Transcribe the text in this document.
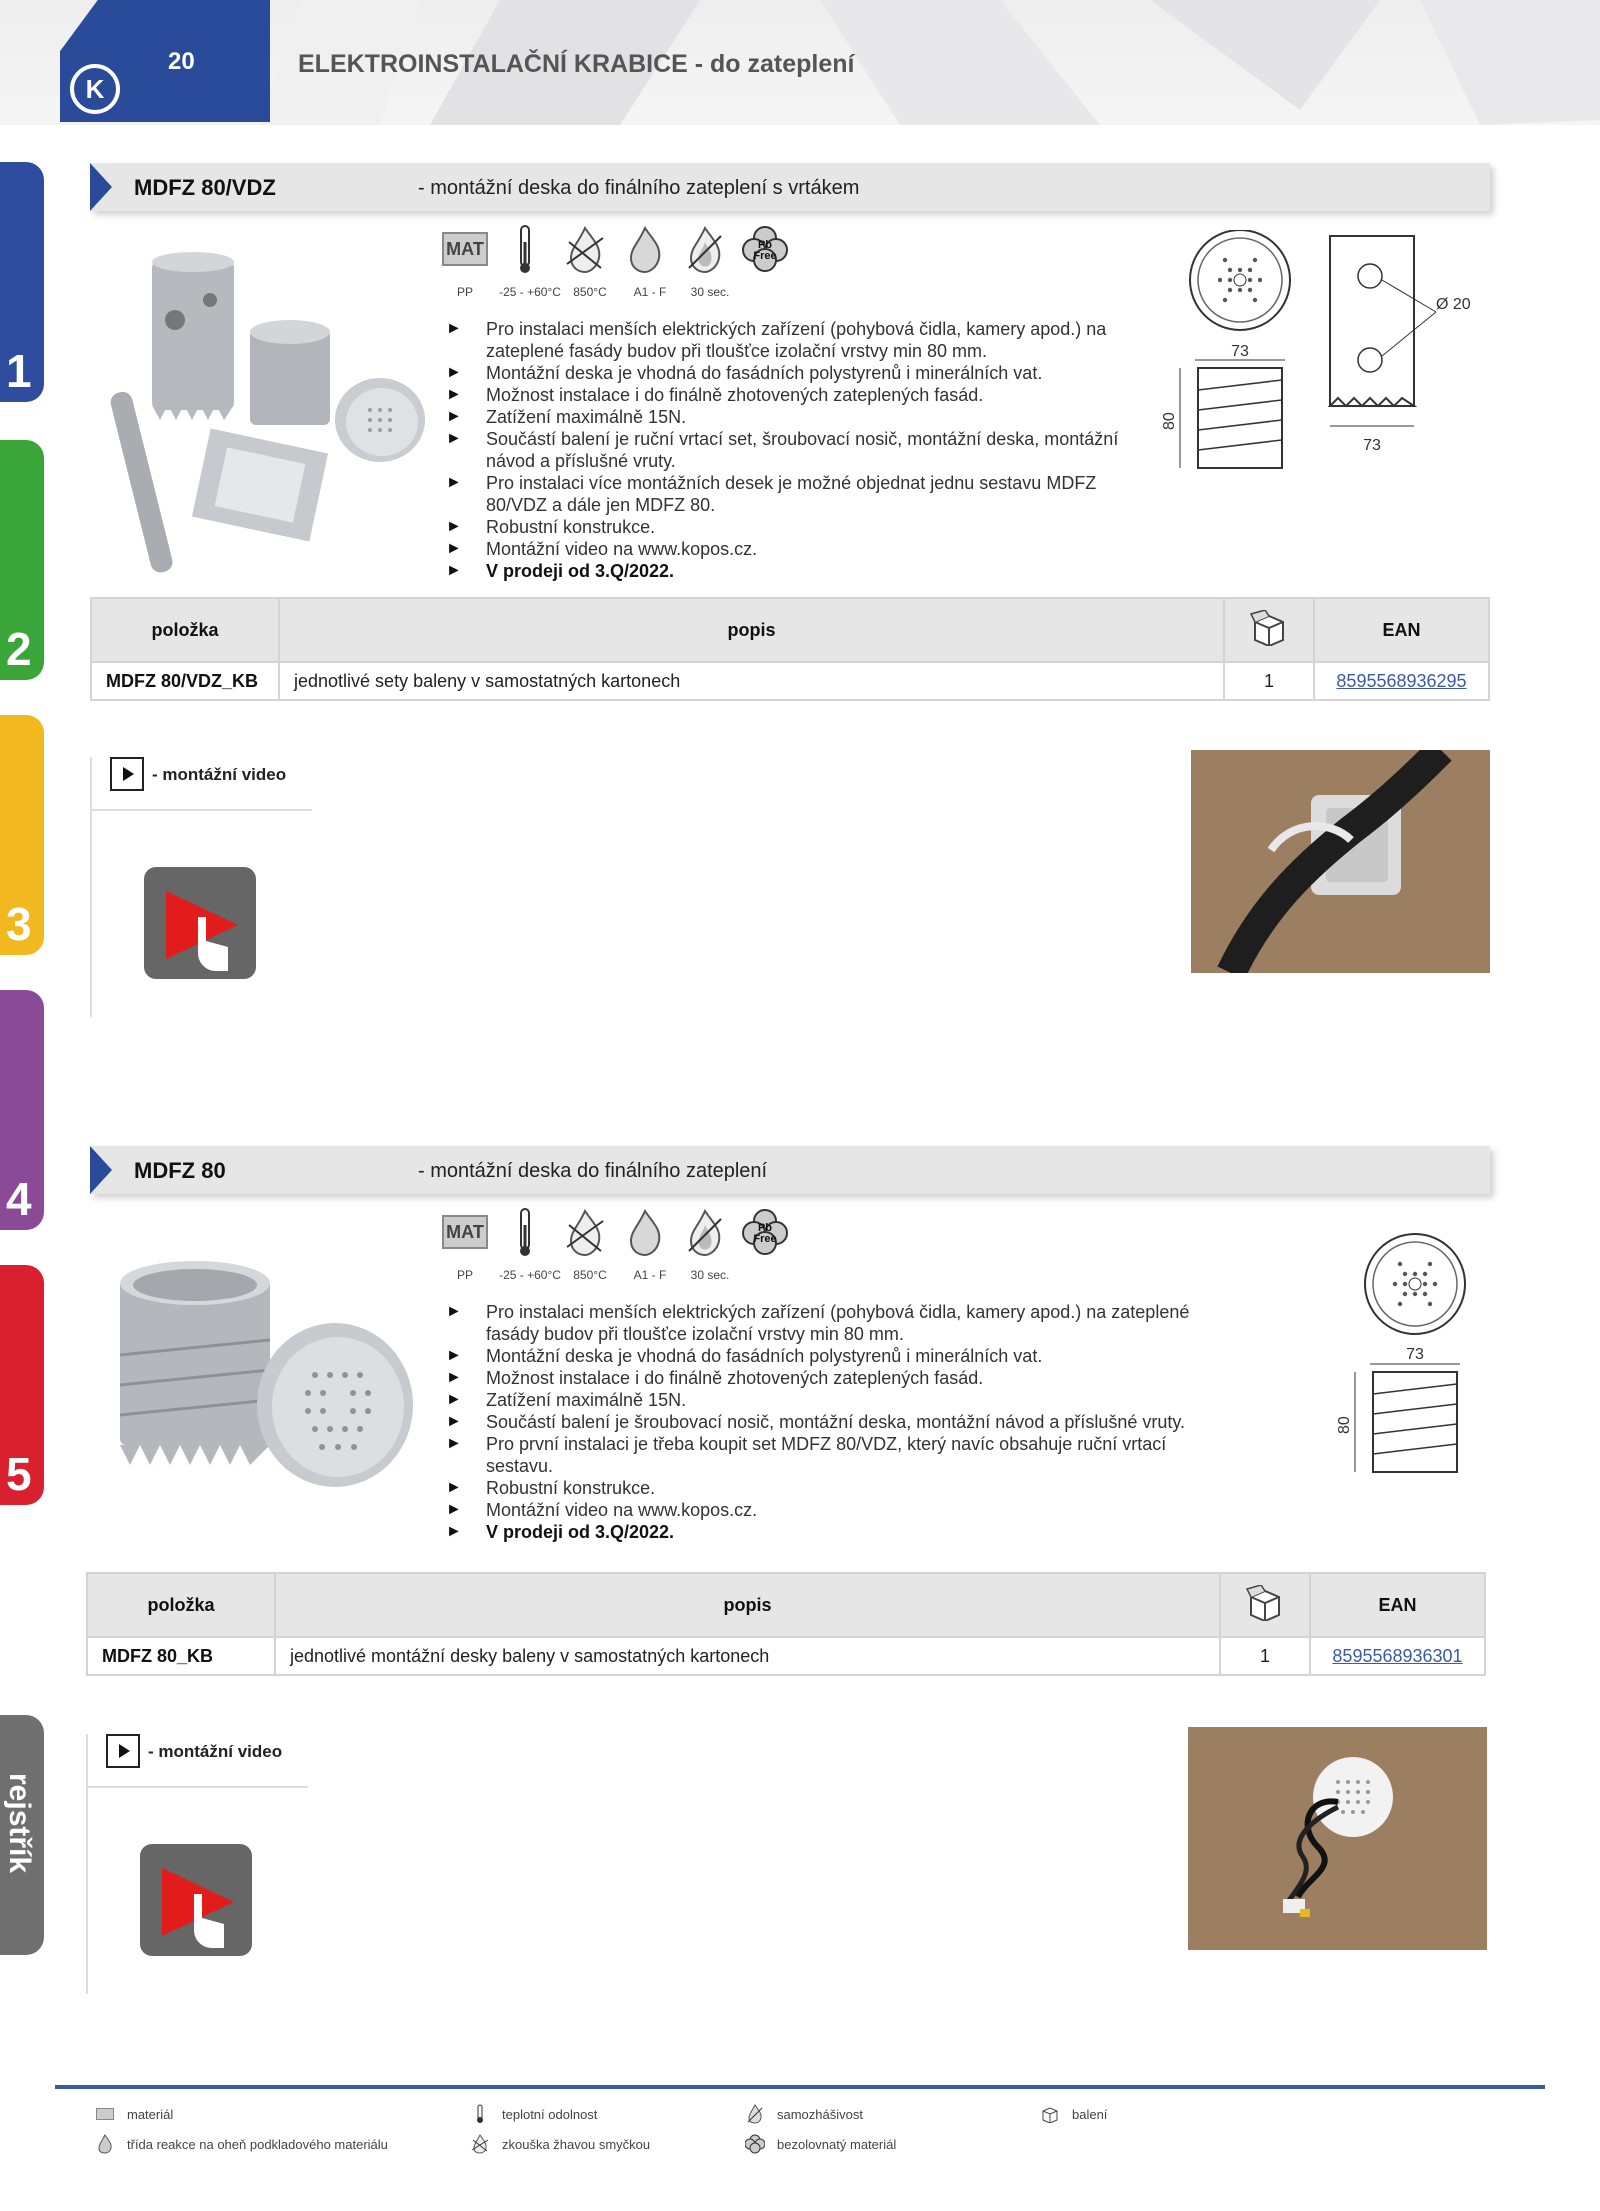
K
20	ELEKTROINSTALAČNÍ KRABICE - do zateplení
1
2
3
4
5
rejstřík
MDFZ 80/VDZ	- montážní deska do finálního zateplení s vrtákem
MAT	Pb
Free
PP	-25 - +60°C	850°C	A1 - F	30 sec.
► Pro instalaci menších elektrických zařízení (pohybová čidla, kamery apod.) na zateplené fasády budov při tloušťce izolační vrstvy min 80 mm.
► Montážní deska je vhodná do fasádních polystyrenů i minerálních vat.
► Možnost instalace i do finálně zhotovených zateplených fasád.
► Zatížení maximálně 15N.
► Součástí balení je ruční vrtací set, šroubovací nosič, montážní deska, montážní návod a příslušné vruty.
► Pro instalaci více montážních desek je možné objednat jednu sestavu MDFZ 80/VDZ a dále jen MDFZ 80.
► Robustní konstrukce.
► Montážní video na www.kopos.cz.
► V prodeji od 3.Q/2022.
73
80
Ø 20
73
položka	popis		EAN
MDFZ 80/VDZ_KB	jednotlivé sety baleny v samostatných kartonech	1	8595568936295
- montážní video
MDFZ 80	- montážní deska do finálního zateplení
MAT	Pb
Free
PP	-25 - +60°C	850°C	A1 - F	30 sec.
► Pro instalaci menších elektrických zařízení (pohybová čidla, kamery apod.) na zateplené fasády budov při tloušťce izolační vrstvy min 80 mm.
► Montážní deska je vhodná do fasádních polystyrenů i minerálních vat.
► Možnost instalace i do finálně zhotovených zateplených fasád.
► Zatížení maximálně 15N.
► Součástí balení je šroubovací nosič, montážní deska, montážní návod a příslušné vruty.
► Pro první instalaci je třeba koupit set MDFZ 80/VDZ, který navíc obsahuje ruční vrtací sestavu.
► Robustní konstrukce.
► Montážní video na www.kopos.cz.
► V prodeji od 3.Q/2022.
73
80
položka	popis		EAN
MDFZ 80_KB	jednotlivé montážní desky baleny v samostatných kartonech	1	8595568936301
- montážní video
materiál	teplotní odolnost	samozhášivost	balení
třída reakce na oheň podkladového materiálu	zkouška žhavou smyčkou	bezolovnatý materiál
